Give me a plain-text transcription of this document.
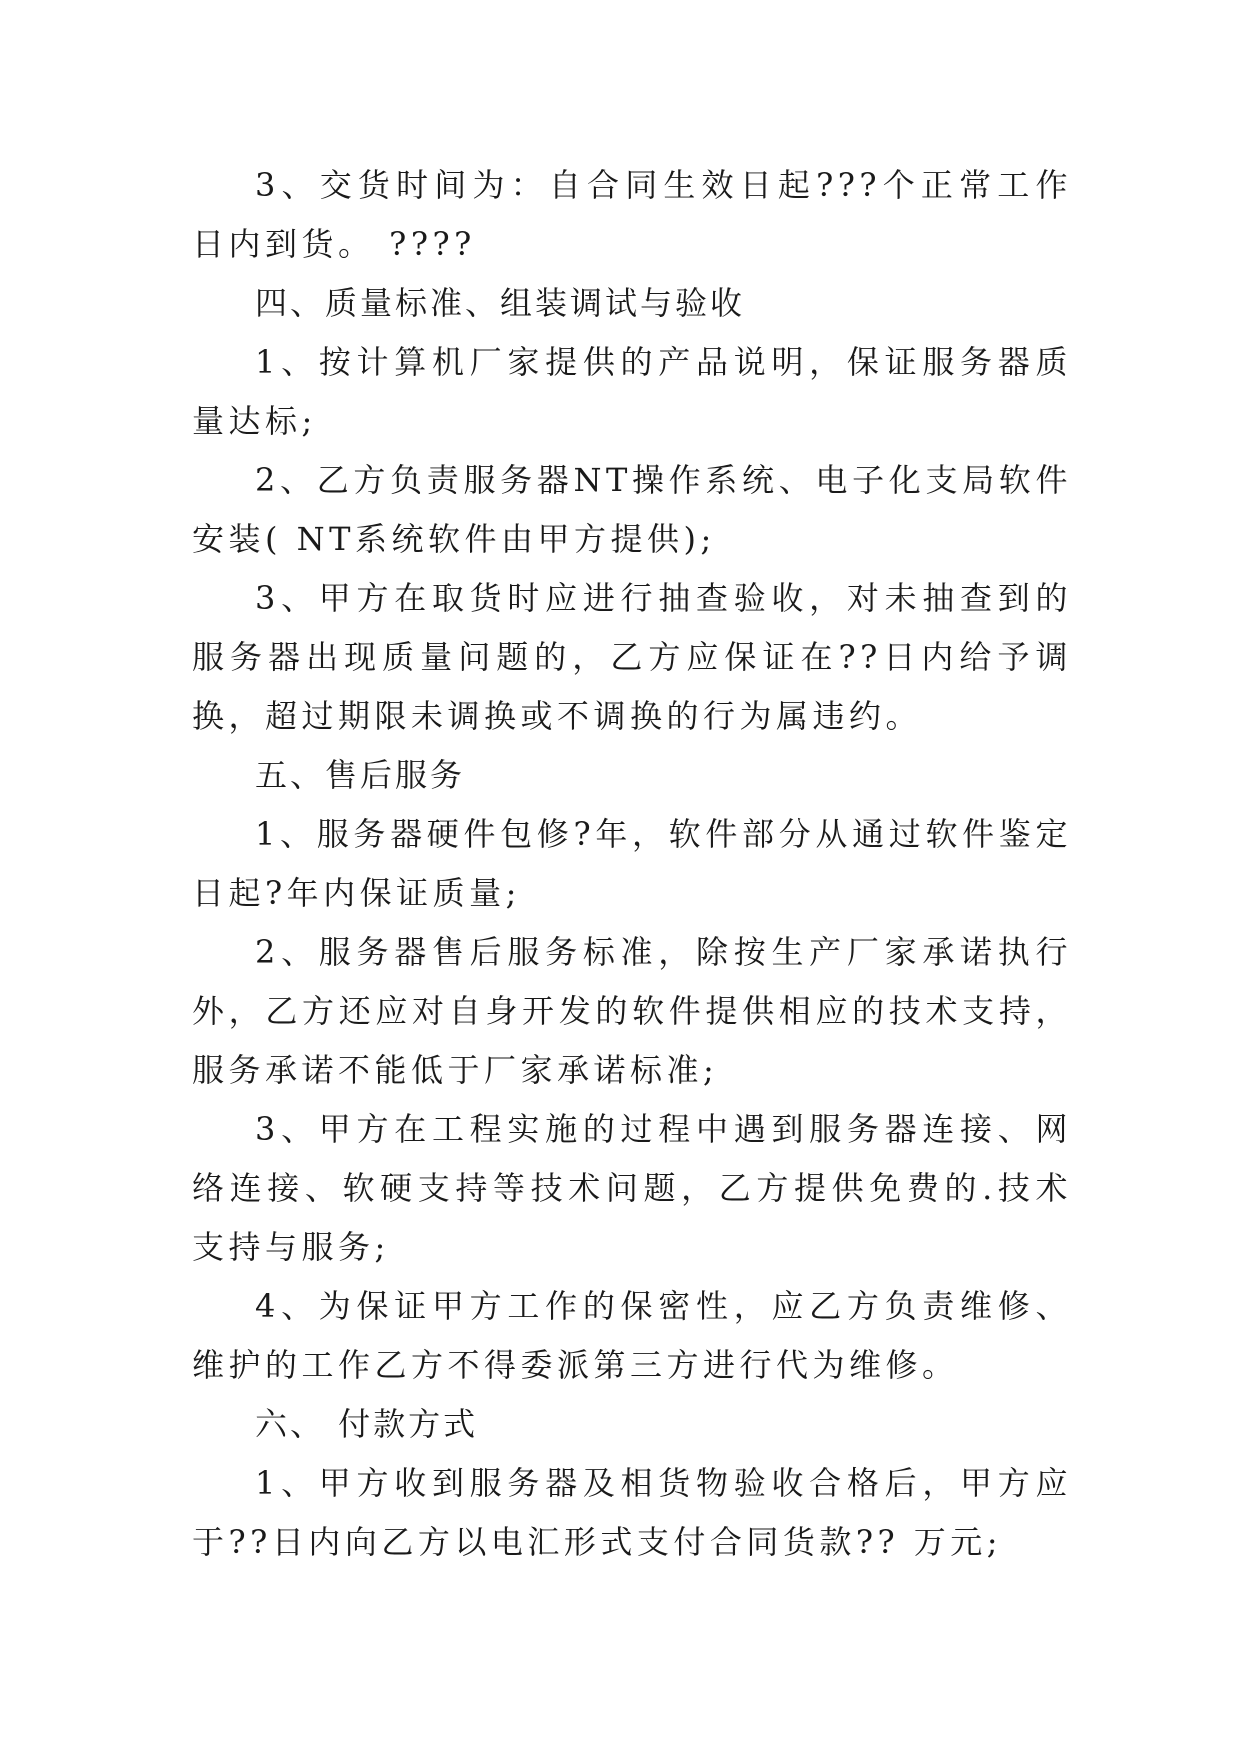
3、交货时间为：自合同生效日起???个正常工作日内到货。 ????

四、质量标准、组装调试与验收

1、按计算机厂家提供的产品说明，保证服务器质量达标;

2、乙方负责服务器NT操作系统、电子化支局软件安装( NT系统软件由甲方提供);

3、甲方在取货时应进行抽查验收，对未抽查到的服务器出现质量问题的，乙方应保证在??日内给予调换，超过期限未调换或不调换的行为属违约。

五、售后服务

1、服务器硬件包修?年，软件部分从通过软件鉴定日起?年内保证质量;

2、服务器售后服务标准，除按生产厂家承诺执行外，乙方还应对自身开发的软件提供相应的技术支持，服务承诺不能低于厂家承诺标准;

3、甲方在工程实施的过程中遇到服务器连接、网络连接、软硬支持等技术问题，乙方提供免费的.技术支持与服务;

4、为保证甲方工作的保密性，应乙方负责维修、维护的工作乙方不得委派第三方进行代为维修。

六、 付款方式

1、甲方收到服务器及相货物验收合格后，甲方应于??日内向乙方以电汇形式支付合同货款?? 万元;
